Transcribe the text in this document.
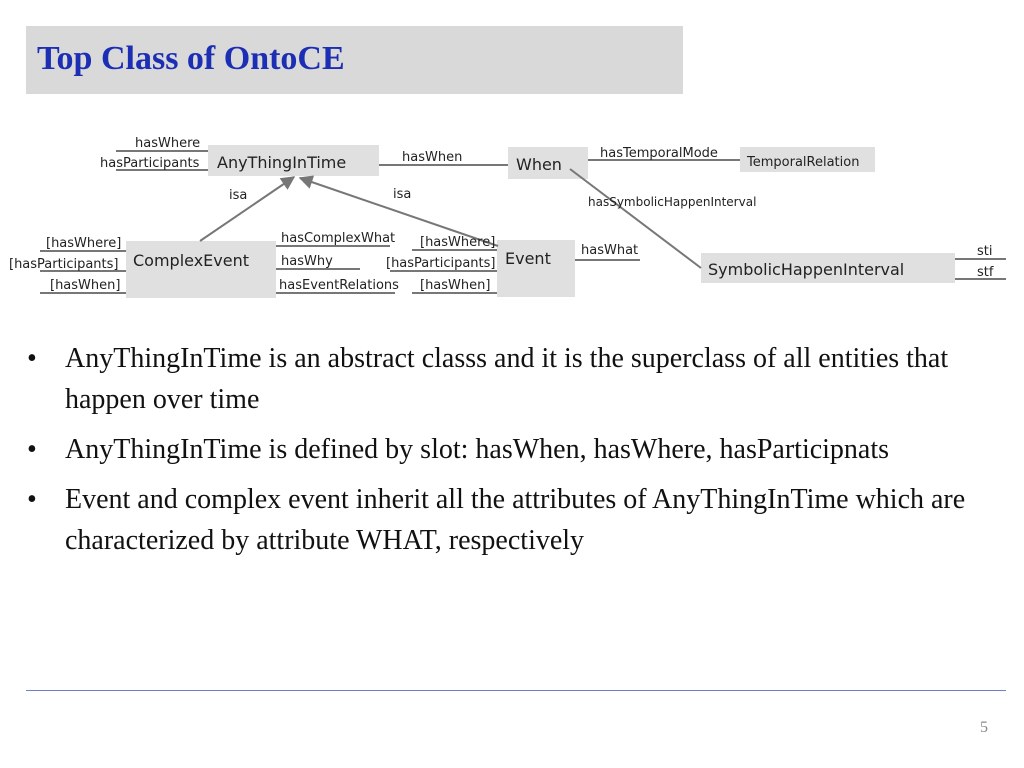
Top Class of OntoCE
AnyThingInTime	When	TemporalRelation
ComplexEvent	Event
SymbolicHappenInterval
hasWhere
hasParticipants	hasWhen	hasTemporalMode
hasSymbolicHappenInterval
isa	isa
[hasWhere]
[hasParticipants]
[hasWhen]
hasComplexWhat
hasWhy
hasEventRelations
[hasWhere]
[hasParticipants]
[hasWhen]
hasWhat	sti
stf
• AnyThingInTime is an abstract classs and it is the superclass of all entities that happen over time
• AnyThingInTime is defined by slot: hasWhen, hasWhere, hasParticipnats
• Event and complex event inherit all the attributes of AnyThingInTime which are characterized by attribute WHAT, respectively
5
